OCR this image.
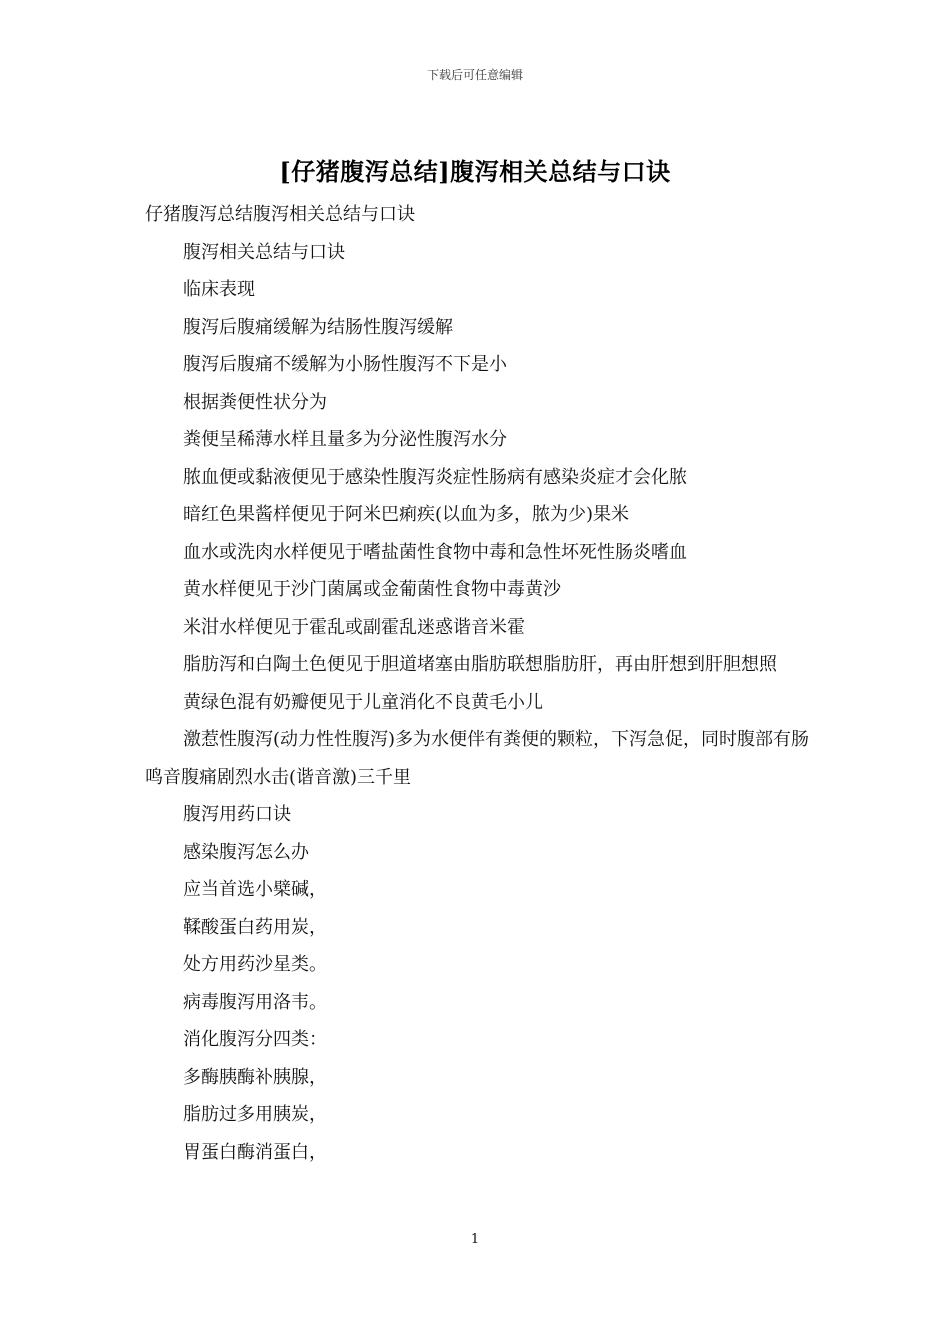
下载后可任意编辑
[仔猪腹泻总结]腹泻相关总结与口诀

仔猪腹泻总结腹泻相关总结与口诀

腹泻相关总结与口诀

临床表现

腹泻后腹痛缓解为结肠性腹泻缓解

腹泻后腹痛不缓解为小肠性腹泻不下是小

根据粪便性状分为

粪便呈稀薄水样且量多为分泌性腹泻水分

脓血便或黏液便见于感染性腹泻炎症性肠病有感染炎症才会化脓

暗红色果酱样便见于阿米巴痢疾(以血为多，脓为少)果米

血水或洗肉水样便见于嗜盐菌性食物中毒和急性坏死性肠炎嗜血

黄水样便见于沙门菌属或金葡菌性食物中毒黄沙

米泔水样便见于霍乱或副霍乱迷惑谐音米霍

脂肪泻和白陶土色便见于胆道堵塞由脂肪联想脂肪肝，再由肝想到肝胆想照

黄绿色混有奶瓣便见于儿童消化不良黄毛小儿

激惹性腹泻(动力性性腹泻)多为水便伴有粪便的颗粒，下泻急促，同时腹部有肠鸣音腹痛剧烈水击(谐音激)三千里

腹泻用药口诀

感染腹泻怎么办

应当首选小檗碱，

鞣酸蛋白药用炭，

处方用药沙星类。

病毒腹泻用洛韦。

消化腹泻分四类：

多酶胰酶补胰腺，

脂肪过多用胰炭，

胃蛋白酶消蛋白，

1
